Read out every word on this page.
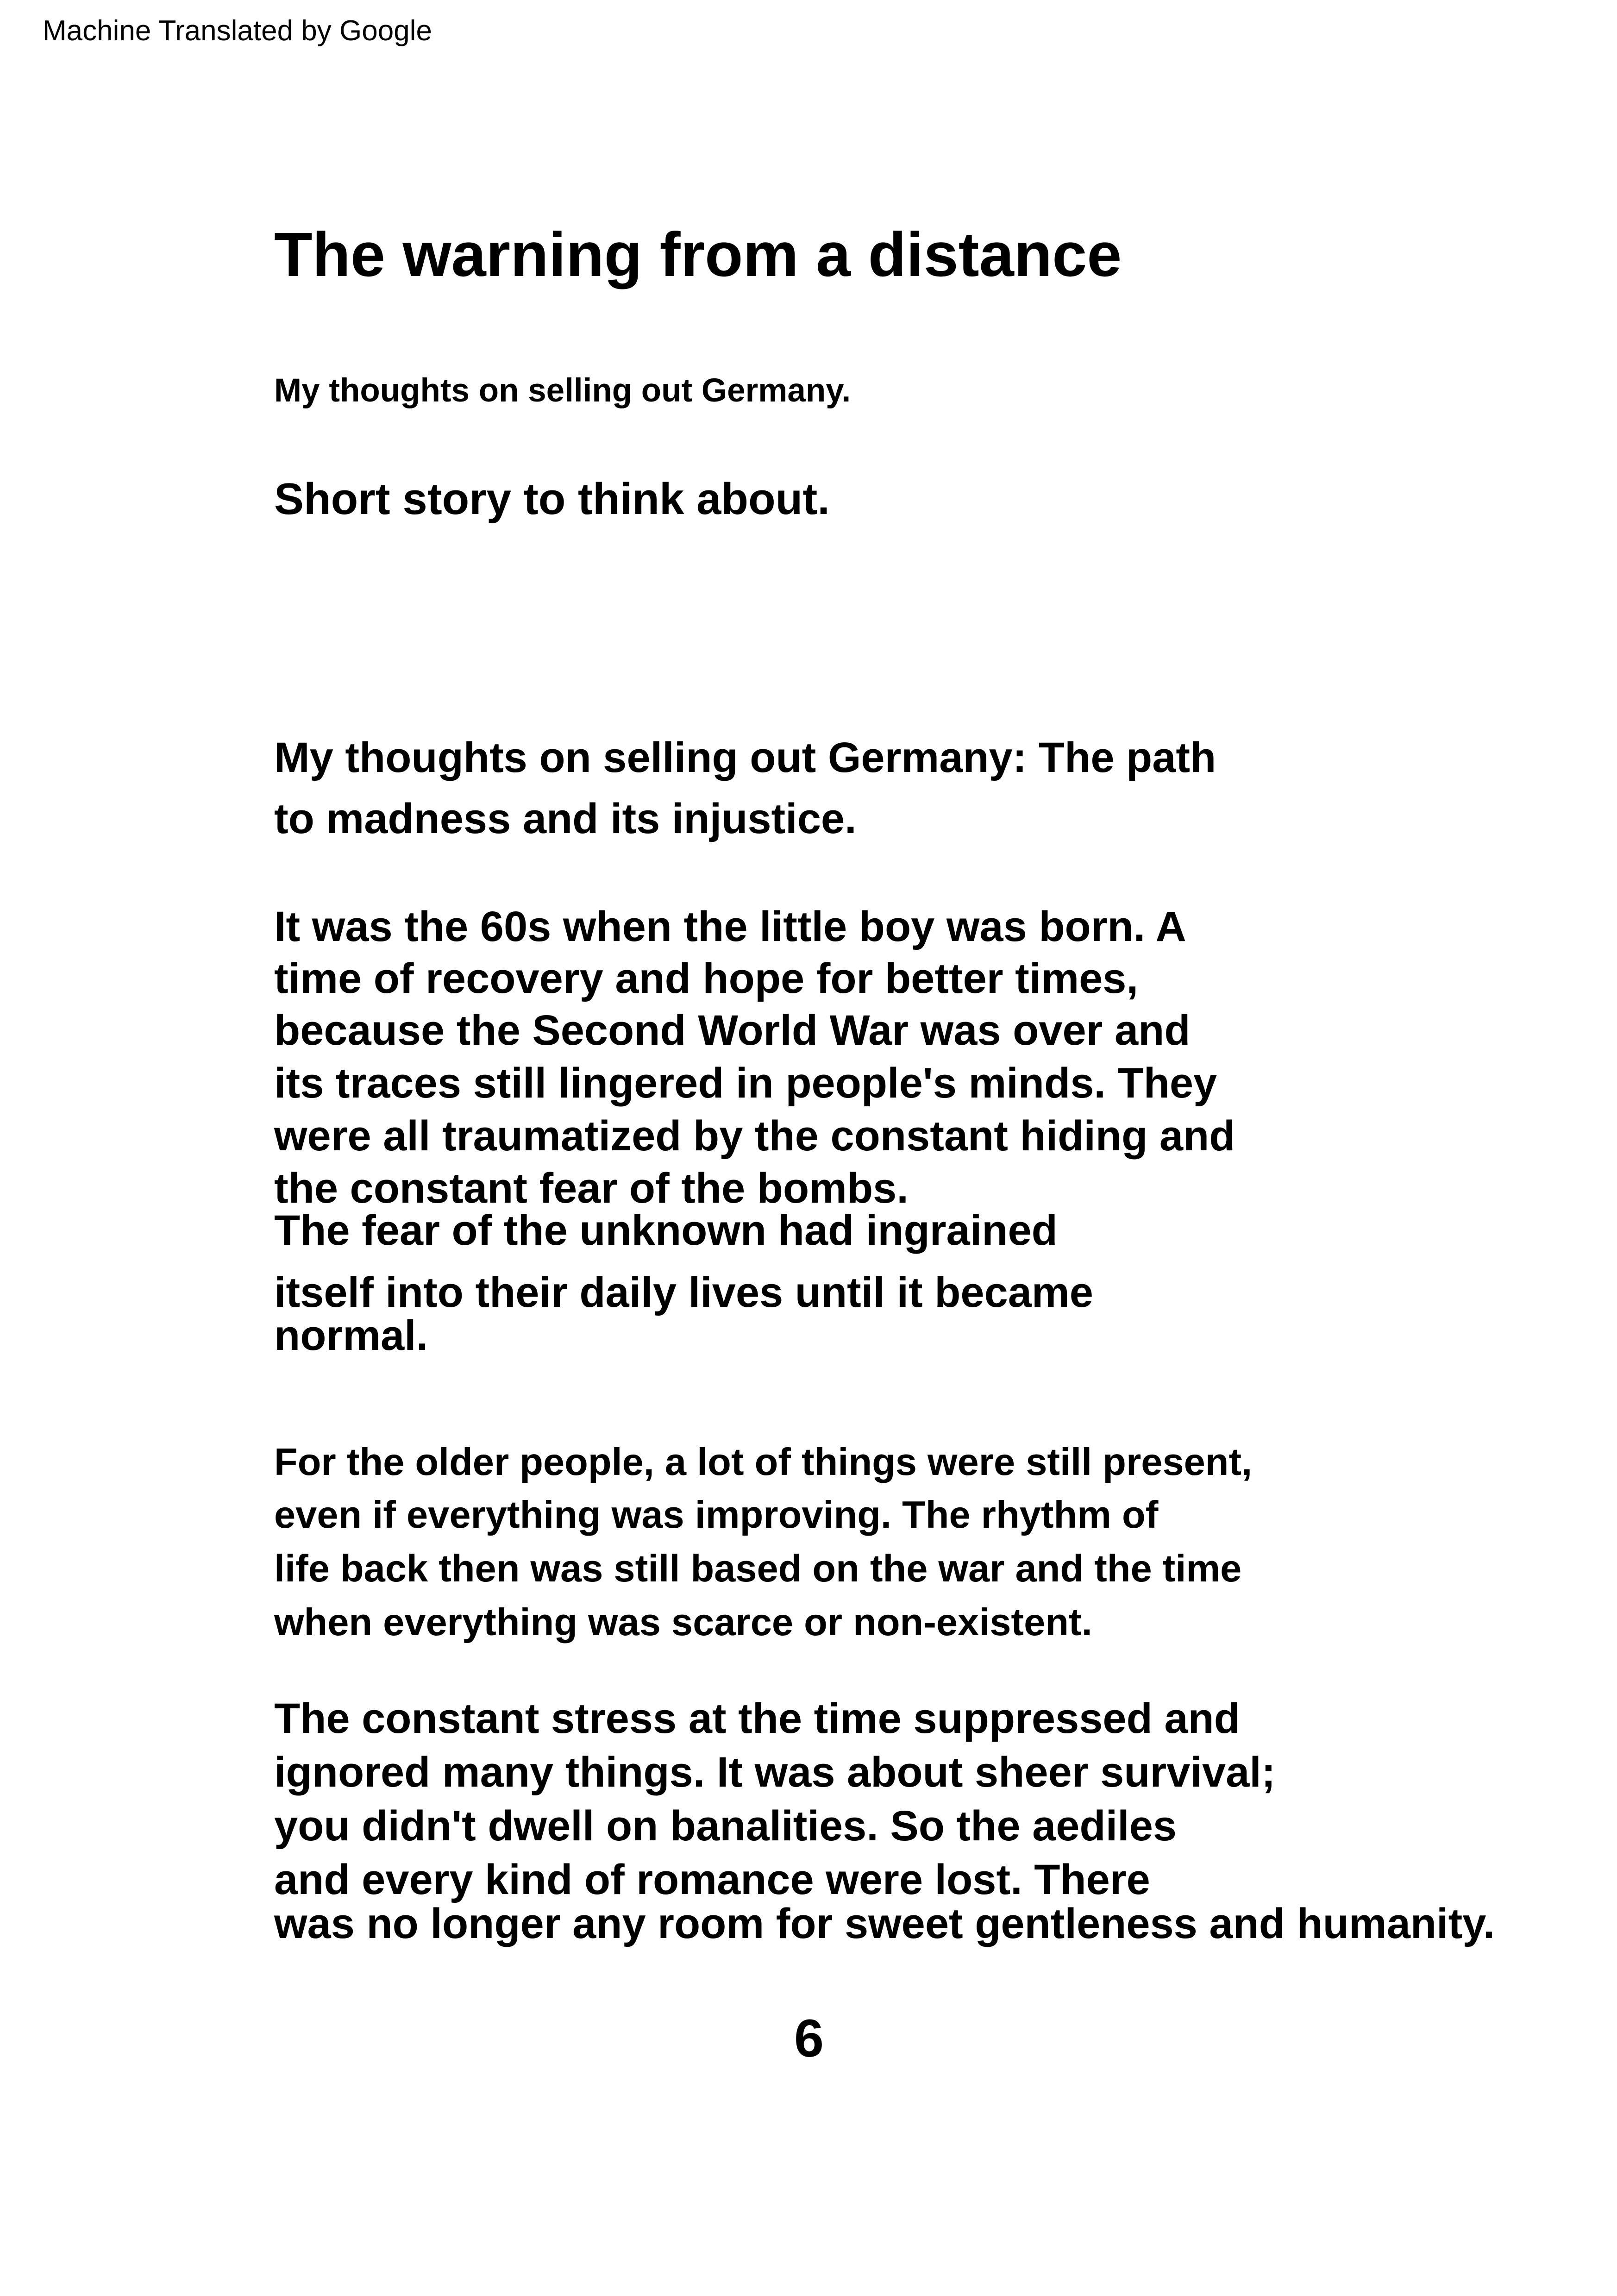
Machine Translated by Google
The warning from a distance
My thoughts on selling out Germany.
Short story to think about.
My thoughts on selling out Germany: The path
to madness and its injustice.
It was the 60s when the little boy was born. A
time of recovery and hope for better times,
because the Second World War was over and
its traces still lingered in people's minds. They
were all traumatized by the constant hiding and
the constant fear of the bombs.
The fear of the unknown had ingrained
itself into their daily lives until it became
normal.
For the older people, a lot of things were still present,
even if everything was improving. The rhythm of
life back then was still based on the war and the time
when everything was scarce or non-existent.
The constant stress at the time suppressed and
ignored many things. It was about sheer survival;
you didn't dwell on banalities. So the aediles
and every kind of romance were lost. There
was no longer any room for sweet gentleness and humanity.
6
